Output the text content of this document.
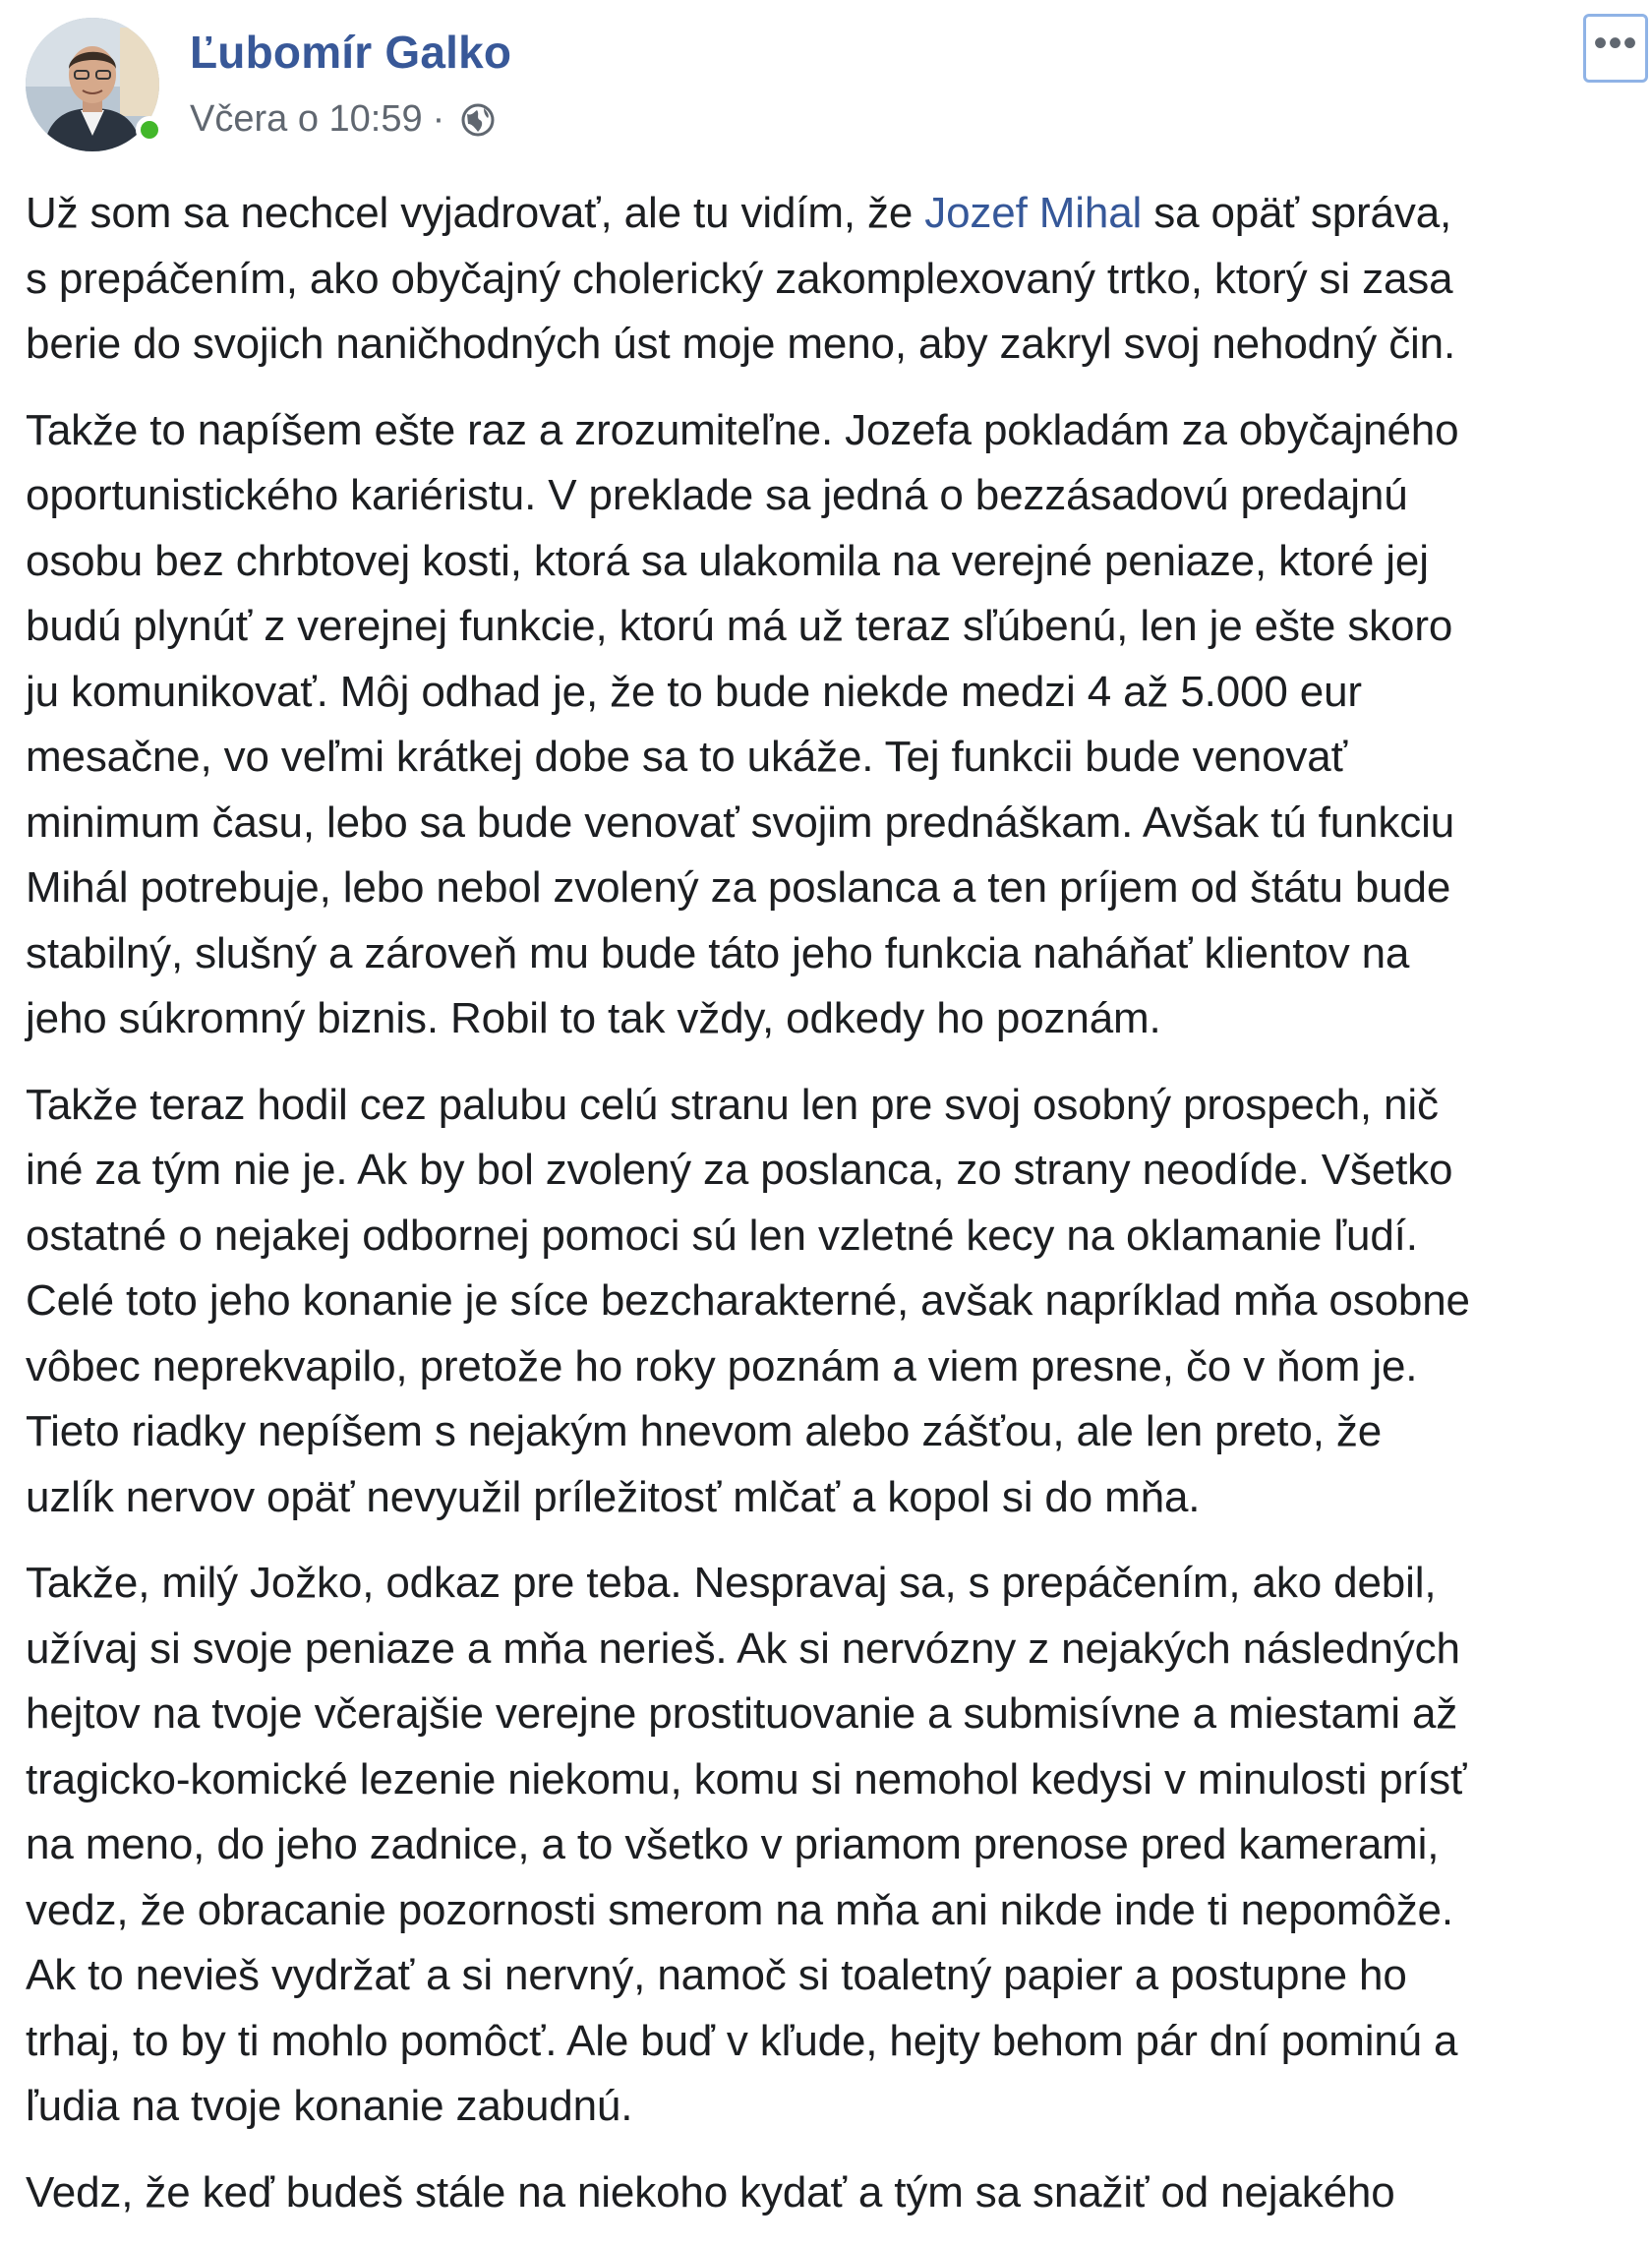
Ľubomír Galko
Včera o 10:59 ·
•••

Už som sa nechcel vyjadrovať, ale tu vidím, že Jozef Mihal sa opäť správa,
s prepáčením, ako obyčajný cholerický zakomplexovaný trtko, ktorý si zasa
berie do svojich naničhodných úst moje meno, aby zakryl svoj nehodný čin.

Takže to napíšem ešte raz a zrozumiteľne. Jozefa pokladám za obyčajného
oportunistického kariéristu. V preklade sa jedná o bezzásadovú predajnú
osobu bez chrbtovej kosti, ktorá sa ulakomila na verejné peniaze, ktoré jej
budú plynúť z verejnej funkcie, ktorú má už teraz sľúbenú, len je ešte skoro
ju komunikovať. Môj odhad je, že to bude niekde medzi 4 až 5.000 eur
mesačne, vo veľmi krátkej dobe sa to ukáže. Tej funkcii bude venovať
minimum času, lebo sa bude venovať svojim prednáškam. Avšak tú funkciu
Mihál potrebuje, lebo nebol zvolený za poslanca a ten príjem od štátu bude
stabilný, slušný a zároveň mu bude táto jeho funkcia naháňať klientov na
jeho súkromný biznis. Robil to tak vždy, odkedy ho poznám.

Takže teraz hodil cez palubu celú stranu len pre svoj osobný prospech, nič
iné za tým nie je. Ak by bol zvolený za poslanca, zo strany neodíde. Všetko
ostatné o nejakej odbornej pomoci sú len vzletné kecy na oklamanie ľudí.
Celé toto jeho konanie je síce bezcharakterné, avšak napríklad mňa osobne
vôbec neprekvapilo, pretože ho roky poznám a viem presne, čo v ňom je.
Tieto riadky nepíšem s nejakým hnevom alebo zášťou, ale len preto, že
uzlík nervov opäť nevyužil príležitosť mlčať a kopol si do mňa.

Takže, milý Jožko, odkaz pre teba. Nespravaj sa, s prepáčením, ako debil,
užívaj si svoje peniaze a mňa nerieš. Ak si nervózny z nejakých následných
hejtov na tvoje včerajšie verejne prostituovanie a submisívne a miestami až
tragicko-komické lezenie niekomu, komu si nemohol kedysi v minulosti prísť
na meno, do jeho zadnice, a to všetko v priamom prenose pred kamerami,
vedz, že obracanie pozornosti smerom na mňa ani nikde inde ti nepomôže.
Ak to nevieš vydržať a si nervný, namoč si toaletný papier a postupne ho
trhaj, to by ti mohlo pomôcť. Ale buď v kľude, hejty behom pár dní pominú a
ľudia na tvoje konanie zabudnú.

Vedz, že keď budeš stále na niekoho kydať a tým sa snažiť od nejakého
